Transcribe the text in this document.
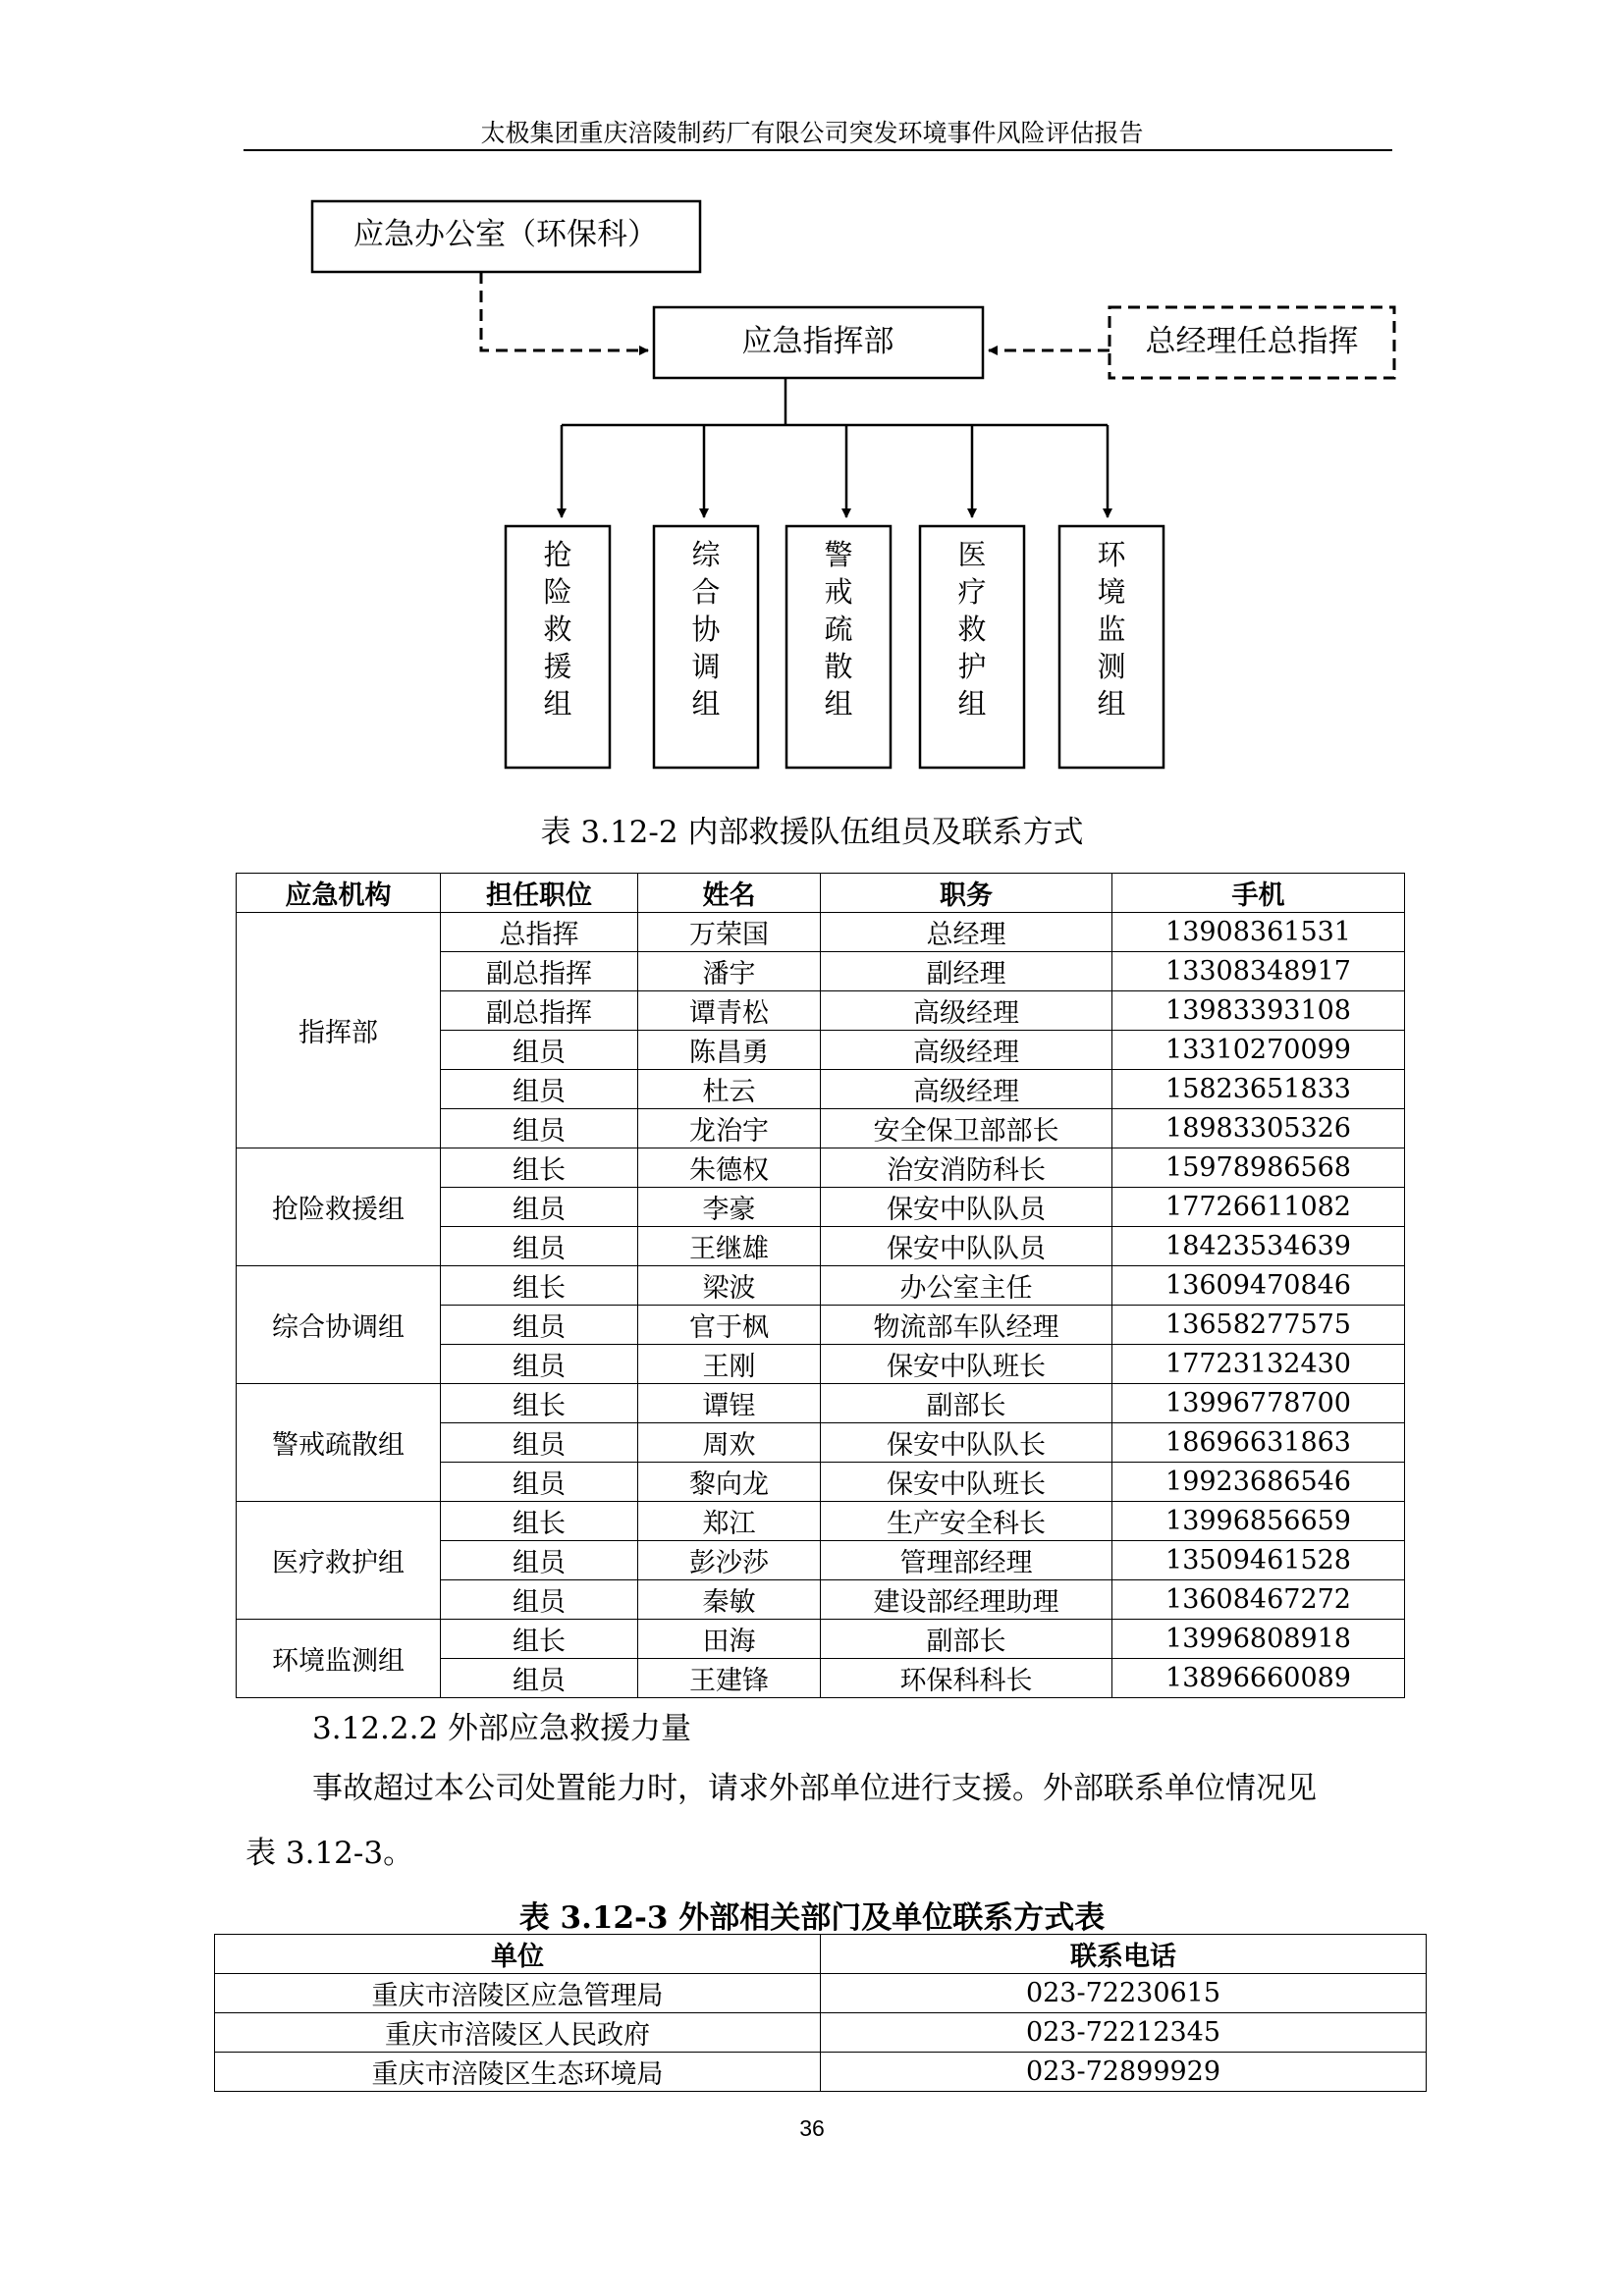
太极集团重庆涪陵制药厂有限公司突发环境事件风险评估报告
应急办公室（环保科）
应急指挥部	总经理任总指挥
抢险救援组
综合协调组
警戒疏散组
医疗救护组
环境监测组
表 3.12-2 内部救援队伍组员及联系方式
应急机构	担任职位	姓名	职务	手机
指挥部	总指挥	万荣国	总经理	13908361531
	副总指挥	潘宇	副经理	13308348917
	副总指挥	谭青松	高级经理	13983393108
	组员	陈昌勇	高级经理	13310270099
	组员	杜云	高级经理	15823651833
	组员	龙治宇	安全保卫部部长	18983305326
抢险救援组	组长	朱德权	治安消防科长	15978986568
	组员	李豪	保安中队队员	17726611082
	组员	王继雄	保安中队队员	18423534639
综合协调组	组长	梁波	办公室主任	13609470846
	组员	官于枫	物流部车队经理	13658277575
	组员	王刚	保安中队班长	17723132430
警戒疏散组	组长	谭锃	副部长	13996778700
	组员	周欢	保安中队队长	18696631863
	组员	黎向龙	保安中队班长	19923686546
医疗救护组	组长	郑江	生产安全科长	13996856659
	组员	彭沙莎	管理部经理	13509461528
	组员	秦敏	建设部经理助理	13608467272
环境监测组	组长	田海	副部长	13996808918
	组员	王建锋	环保科科长	13896660089
3.12.2.2 外部应急救援力量
事故超过本公司处置能力时，请求外部单位进行支援。外部联系单位情况见
表 3.12-3。
表 3.12-3 外部相关部门及单位联系方式表
单位	联系电话
重庆市涪陵区应急管理局	023-72230615
重庆市涪陵区人民政府	023-72212345
重庆市涪陵区生态环境局	023-72899929
36
